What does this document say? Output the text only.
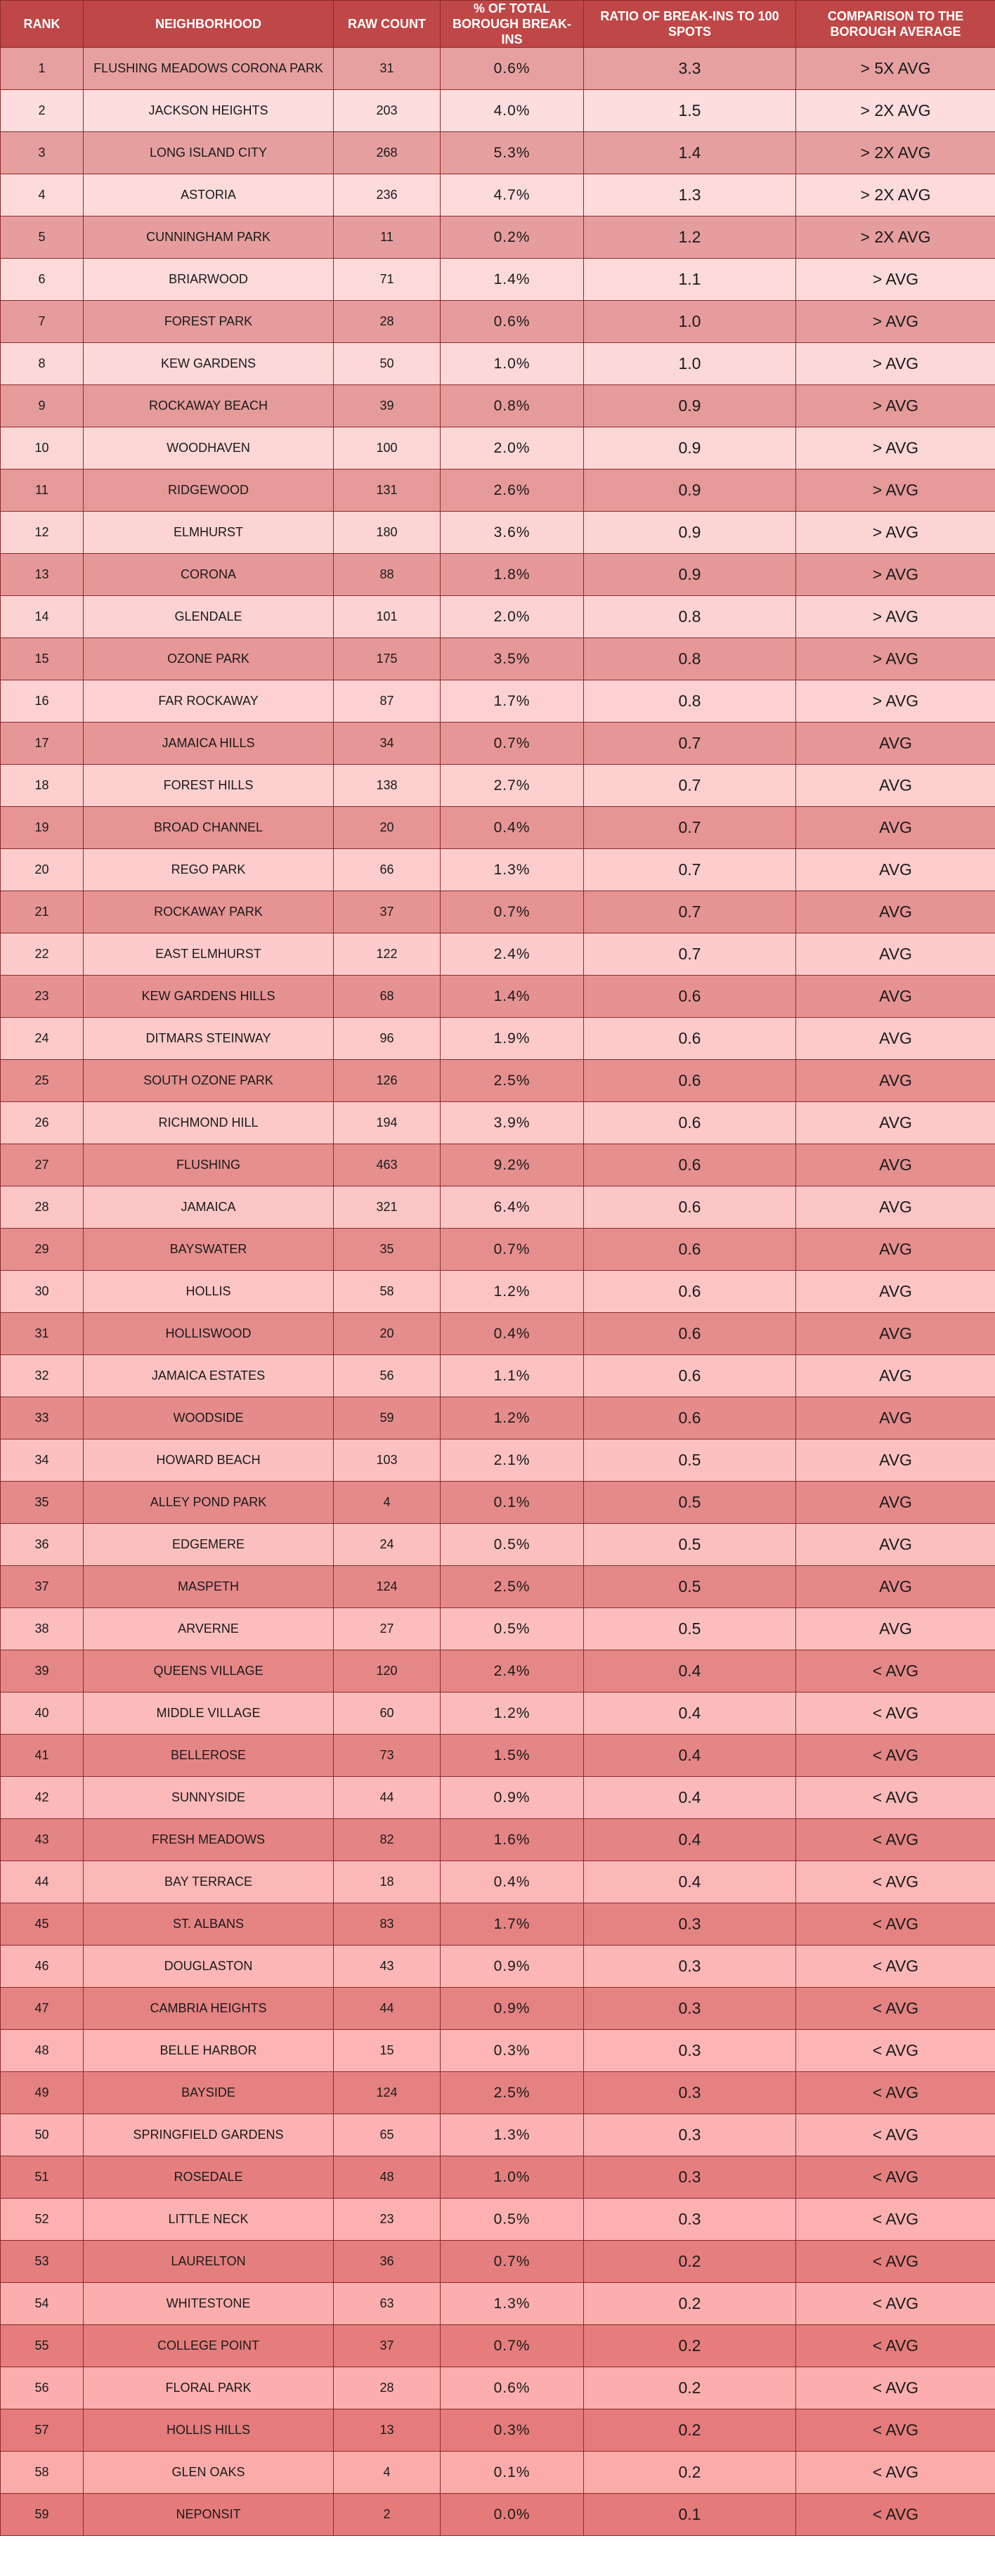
RANK	NEIGHBORHOOD	RAW COUNT	% OF TOTAL BOROUGH BREAK-INS	RATIO OF BREAK-INS TO 100 SPOTS	COMPARISON TO THE BOROUGH AVERAGE
1	FLUSHING MEADOWS CORONA PARK	31	0.6%	3.3	> 5X AVG
2	JACKSON HEIGHTS	203	4.0%	1.5	> 2X AVG
3	LONG ISLAND CITY	268	5.3%	1.4	> 2X AVG
4	ASTORIA	236	4.7%	1.3	> 2X AVG
5	CUNNINGHAM PARK	11	0.2%	1.2	> 2X AVG
6	BRIARWOOD	71	1.4%	1.1	> AVG
7	FOREST PARK	28	0.6%	1.0	> AVG
8	KEW GARDENS	50	1.0%	1.0	> AVG
9	ROCKAWAY BEACH	39	0.8%	0.9	> AVG
10	WOODHAVEN	100	2.0%	0.9	> AVG
11	RIDGEWOOD	131	2.6%	0.9	> AVG
12	ELMHURST	180	3.6%	0.9	> AVG
13	CORONA	88	1.8%	0.9	> AVG
14	GLENDALE	101	2.0%	0.8	> AVG
15	OZONE PARK	175	3.5%	0.8	> AVG
16	FAR ROCKAWAY	87	1.7%	0.8	> AVG
17	JAMAICA HILLS	34	0.7%	0.7	AVG
18	FOREST HILLS	138	2.7%	0.7	AVG
19	BROAD CHANNEL	20	0.4%	0.7	AVG
20	REGO PARK	66	1.3%	0.7	AVG
21	ROCKAWAY PARK	37	0.7%	0.7	AVG
22	EAST ELMHURST	122	2.4%	0.7	AVG
23	KEW GARDENS HILLS	68	1.4%	0.6	AVG
24	DITMARS STEINWAY	96	1.9%	0.6	AVG
25	SOUTH OZONE PARK	126	2.5%	0.6	AVG
26	RICHMOND HILL	194	3.9%	0.6	AVG
27	FLUSHING	463	9.2%	0.6	AVG
28	JAMAICA	321	6.4%	0.6	AVG
29	BAYSWATER	35	0.7%	0.6	AVG
30	HOLLIS	58	1.2%	0.6	AVG
31	HOLLISWOOD	20	0.4%	0.6	AVG
32	JAMAICA ESTATES	56	1.1%	0.6	AVG
33	WOODSIDE	59	1.2%	0.6	AVG
34	HOWARD BEACH	103	2.1%	0.5	AVG
35	ALLEY POND PARK	4	0.1%	0.5	AVG
36	EDGEMERE	24	0.5%	0.5	AVG
37	MASPETH	124	2.5%	0.5	AVG
38	ARVERNE	27	0.5%	0.5	AVG
39	QUEENS VILLAGE	120	2.4%	0.4	< AVG
40	MIDDLE VILLAGE	60	1.2%	0.4	< AVG
41	BELLEROSE	73	1.5%	0.4	< AVG
42	SUNNYSIDE	44	0.9%	0.4	< AVG
43	FRESH MEADOWS	82	1.6%	0.4	< AVG
44	BAY TERRACE	18	0.4%	0.4	< AVG
45	ST. ALBANS	83	1.7%	0.3	< AVG
46	DOUGLASTON	43	0.9%	0.3	< AVG
47	CAMBRIA HEIGHTS	44	0.9%	0.3	< AVG
48	BELLE HARBOR	15	0.3%	0.3	< AVG
49	BAYSIDE	124	2.5%	0.3	< AVG
50	SPRINGFIELD GARDENS	65	1.3%	0.3	< AVG
51	ROSEDALE	48	1.0%	0.3	< AVG
52	LITTLE NECK	23	0.5%	0.3	< AVG
53	LAURELTON	36	0.7%	0.2	< AVG
54	WHITESTONE	63	1.3%	0.2	< AVG
55	COLLEGE POINT	37	0.7%	0.2	< AVG
56	FLORAL PARK	28	0.6%	0.2	< AVG
57	HOLLIS HILLS	13	0.3%	0.2	< AVG
58	GLEN OAKS	4	0.1%	0.2	< AVG
59	NEPONSIT	2	0.0%	0.1	< AVG
